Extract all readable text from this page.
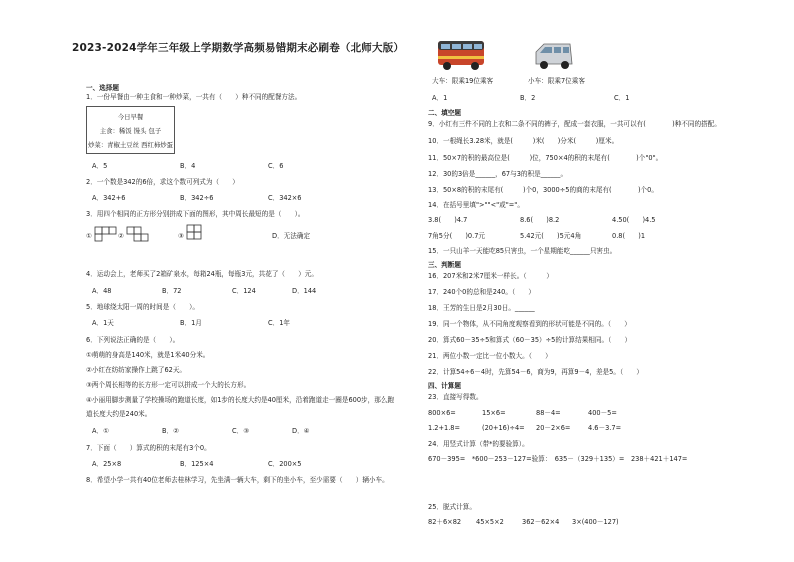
2023-2024学年三年级上学期数学高频易错期末必刷卷（北师大版）
一、选择题
1．一份早餐由一种主食和一种炒菜，一共有（　　）种不同的配餐方法。
今日早餐
主食：稀饭 馒头 包子
炒菜：青椒土豆丝 西红柿炒蛋
A．5	B．4	C．6
2．一个数是342的6倍，求这个数可列式为（　　）
A．342+6	B．342÷6	C．342×6
3．用四个相同的正方形分别拼成下面的图形，其中周长最短的是（　　）。
①	②	③	D．无法确定
4．运动会上，老师买了2箱矿泉水，每箱24瓶，每瓶3元，共花了（　　）元。
A．48	B．72	C．124	D．144
5．地球绕太阳一周的时间是（　　）。
A．1天	B．1月	C．1年
6．下列说法正确的是（　　）。
①萌萌的身高是140米，就是1米40分米。
②小红在纺纺家操作上跳了62天。
③两个周长相等的长方形一定可以拼成一个大的长方形。
④小丽用脚步测量了学校操场的跑道长度，如1步的长度大约是40厘米，沿着跑道走一圈是600步，那么跑
道长度大约是240米。
A．①	B．②	C．③	D．④
7．下面（　　）算式的积的末尾有3个0。
A．25×8	B．125×4	C．200×5
8．希望小学一共有40位老师去桂林学习，先坐满一辆大车，剩下的坐小车，至少需要（　　）辆小车。
大车：限乘19位乘客	小车：限乘7位乘客
A．1	B．2	C．1
二、填空题
9．小红有三件不同的上衣和二条不同的裤子，配成一套衣服，一共可以有(　　　　)种不同的搭配。
10．一根绳长3.28米，就是(　　　)米(　　)分米(　　　)厘米。
11．50×7的积的最高位是(　　　)位，750×4的积的末尾有(　　　　)个"0"。
12．30的3倍是______，67与3的积是______。
13．50×8的积的末尾有(　　　)个0，3000÷5的商的末尾有(　　　　)个0。
14．在括号里填">""<"或"="。
3.8(　　)4.7	8.6(　　)8.2	4.50(　　)4.5
7角5分(　　)0.7元	5.42元(　　)5元4角	0.8(　　)1
15．一只山羊一天能吃85只害虫，一个星期能吃______只害虫。
三、判断题
16．207米和2米7厘米一样长。（　　　）
17．240个0的总和是240。（　　）
18．王芳的生日是2月30日。______
19．同一个物体，从不同角度观察看到的形状可能是不同的。（　　）
20．算式60－35÷5和算式（60－35）÷5的计算结果相同。（　　）
21．两位小数一定比一位小数大。（　　）
22．计算54÷6－4时，先算54－6，商为9，再算9－4，差是5。（　　）
四、计算题
23．直接写得数。
800×6=	15×6=	88－4=	400－5=
1.2+1.8=	(20+16)÷4= 20－2×6=	4.6－3.7=
24．用竖式计算（带*的要验算）。
670－395=　*600－253－127=验算：　635－（329＋135）=　238＋421＋147=
25．脱式计算。
82＋6×82 45×5×2	362－62×4 3×(400－127)
